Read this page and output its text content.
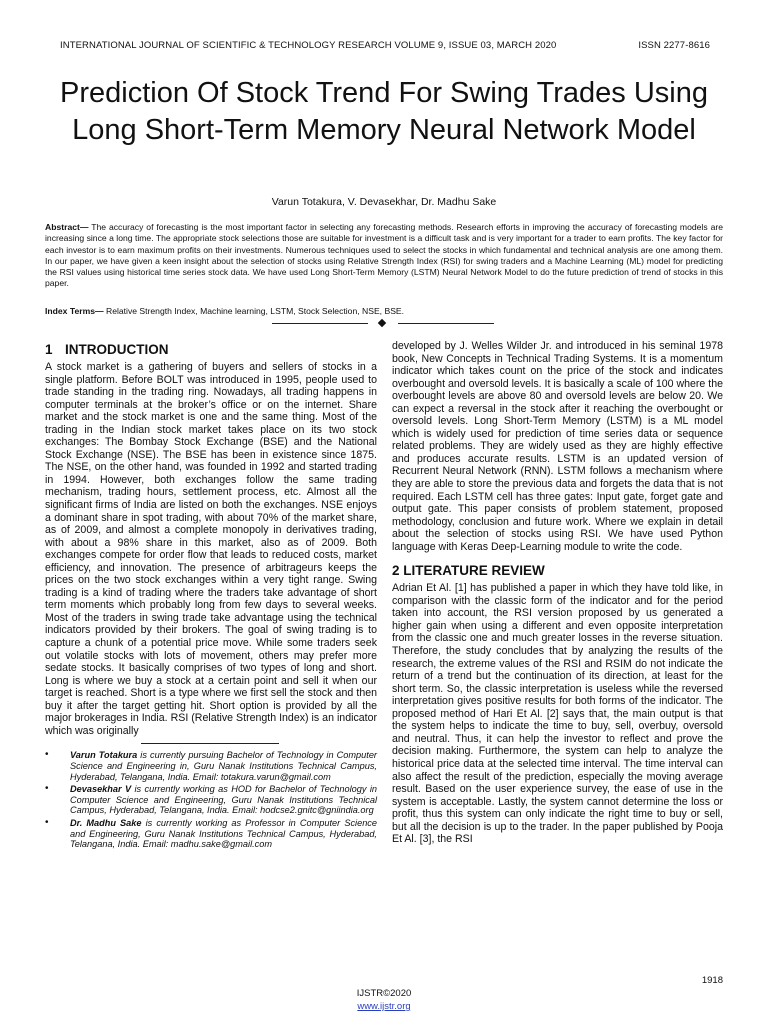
INTERNATIONAL JOURNAL OF SCIENTIFIC & TECHNOLOGY RESEARCH VOLUME 9, ISSUE 03, MARCH 2020	ISSN 2277-8616
Prediction Of Stock Trend For Swing Trades Using Long Short-Term Memory Neural Network Model
Varun Totakura, V. Devasekhar, Dr. Madhu Sake
Abstract— The accuracy of forecasting is the most important factor in selecting any forecasting methods. Research efforts in improving the accuracy of forecasting models are increasing since a long time. The appropriate stock selections those are suitable for investment is a difficult task and is very important for a trader to earn profits. The key factor for each investor is to earn maximum profits on their investments. Numerous techniques used to select the stocks in which fundamental and technical analysis are one among them. In our paper, we have given a keen insight about the selection of stocks using Relative Strength Index (RSI) for swing traders and a Machine Learning (ML) model for predicting the RSI values using historical time series stock data. We have used Long Short-Term Memory (LSTM) Neural Network Model to do the future prediction of trend of stocks in this paper.
Index Terms— Relative Strength Index, Machine learning, LSTM, Stock Selection, NSE, BSE.
1 INTRODUCTION

A stock market is a gathering of buyers and sellers of stocks in a single platform. Before BOLT was introduced in 1995, people used to trade standing in the trading ring. Nowadays, all trading happens in computer terminals at the broker’s office or on the internet. Share market and the stock market is one and the same thing. Most of the trading in the Indian stock market takes place on its two stock exchanges: The Bombay Stock Exchange (BSE) and the National Stock Exchange (NSE). The BSE has been in existence since 1875. The NSE, on the other hand, was founded in 1992 and started trading in 1994. However, both exchanges follow the same trading mechanism, trading hours, settlement process, etc. Almost all the significant firms of India are listed on both the exchanges. NSE enjoys a dominant share in spot trading, with about 70% of the market share, as of 2009, and almost a complete monopoly in derivatives trading, with about a 98% share in this market, also as of 2009. Both exchanges compete for order flow that leads to reduced costs, market efficiency, and innovation. The presence of arbitrageurs keeps the prices on the two stock exchanges within a very tight range. Swing trading is a kind of trading where the traders take advantage of short term moments which probably long from few days to several weeks. Most of the traders in swing trade take advantage using the technical indicators provided by their brokers. The goal of swing trading is to capture a chunk of a potential price move. While some traders seek out volatile stocks with lots of movement, others may prefer more sedate stocks. It basically comprises of two types of long and short. Long is where we buy a stock at a certain point and sell it when our target is reached. Short is a type where we first sell the stock and then buy it after the target getting hit. Short option is provided by all the major brokerages in India. RSI (Relative Strength Index) is an indicator which was originally

• Varun Totakura is currently pursuing Bachelor of Technology in Computer Science and Engineering in, Guru Nanak Institutions Technical Campus, Hyderabad, Telangana, India. Email: totakura.varun@gmail.com
• Devasekhar V is currently working as HOD for Bachelor of Technology in Computer Science and Engineering, Guru Nanak Institutions Technical Campus, Hyderabad, Telangana, India. Email: hodcse2.gnitc@gniindia.org
• Dr. Madhu Sake is currently working as Professor in Computer Science and Engineering, Guru Nanak Institutions Technical Campus, Hyderabad, Telangana, India. Email: madhu.sake@gmail.com

developed by J. Welles Wilder Jr. and introduced in his seminal 1978 book, New Concepts in Technical Trading Systems. It is a momentum indicator which takes count on the price of the stock and indicates overbought and oversold levels. It is basically a scale of 100 where the overbought levels are above 80 and oversold levels are below 20. We can expect a reversal in the stock after it reaching the overbought or oversold levels. Long Short-Term Memory (LSTM) is a ML model which is widely used for prediction of time series data or sequence related problems. They are widely used as they are highly effective and produces accurate results. LSTM is an updated version of Recurrent Neural Network (RNN). LSTM follows a mechanism where they are able to store the previous data and forgets the data that is not required. Each LSTM cell has three gates: Input gate, forget gate and output gate. This paper consists of problem statement, proposed methodology, conclusion and future work. Where we explain in detail about the selection of stocks using RSI. We have used Python language with Keras Deep-Learning module to write the code.

2 LITERATURE REVIEW

Adrian Et Al. [1] has published a paper in which they have told like, in comparison with the classic form of the indicator and for the period taken into account, the RSI version proposed by us generated a higher gain when using a different and even opposite interpretation from the classic one and much greater losses in the reverse situation. Therefore, the study concludes that by analyzing the results of the research, the extreme values of the RSI and RSIM do not indicate the return of a trend but the continuation of its direction, at least for the short term. So, the classic interpretation is useless while the reversed interpretation gives positive results for both forms of the indicator. The proposed method of Hari Et Al. [2] says that, the main output is that the system helps to indicate the time to buy, sell, overbuy, oversold and neutral. Thus, it can help the investor to reflect and prove the decision making. Furthermore, the system can help to analyze the historical price data at the selected time interval. The time interval can also affect the result of the prediction, especially the moving average result. Based on the user experience survey, the ease of use in the system is acceptable. Lastly, the system cannot determine the loss or profit, thus this system can only indicate the right time to buy or sell, but all the decision is up to the trader. In the paper published by Pooja Et Al. [3], the RSI

1918
IJSTR©2020
www.ijstr.org
